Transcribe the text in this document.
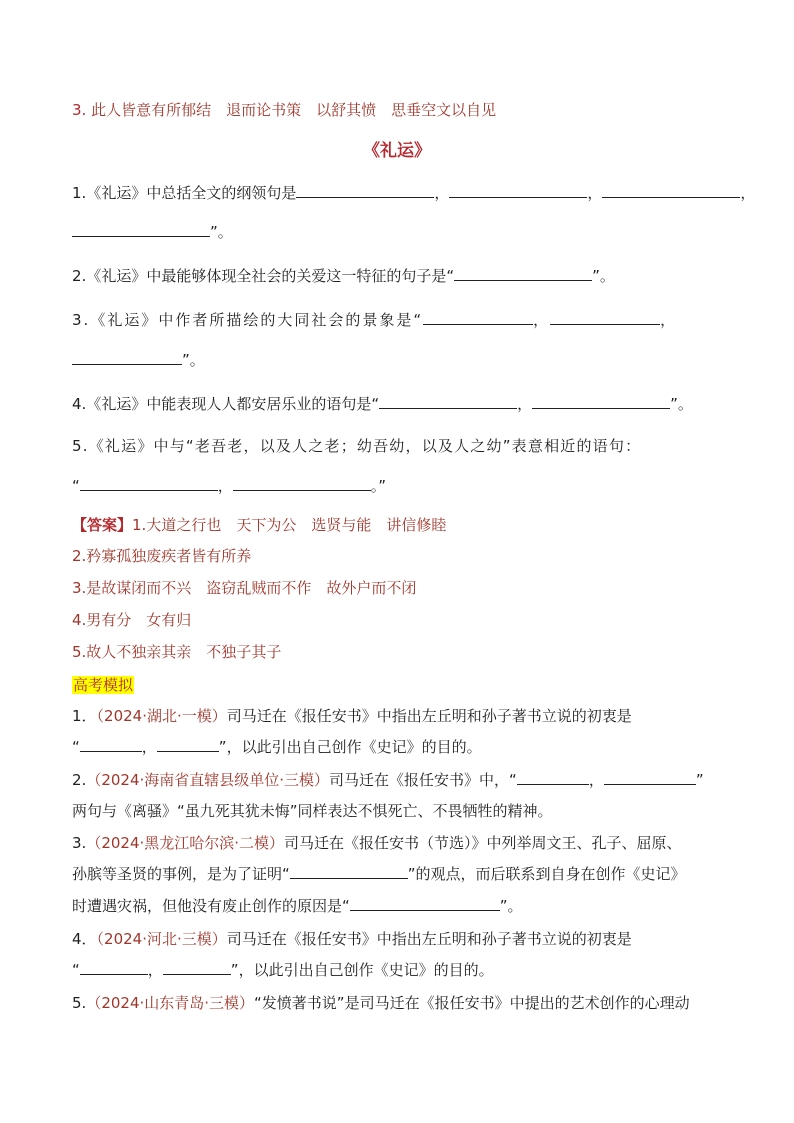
3. 此人皆意有所郁结　退而论书策　以舒其愤　思垂空文以自见
《礼运》
1.《礼运》中总括全文的纲领句是	，	，	，
”。
2.《礼运》中最能够体现全社会的关爱这一特征的句子是“	”。
3.《礼运》中作者所描绘的大同社会的景象是“	，	，
”。
4.《礼运》中能表现人人都安居乐业的语句是“	，	”。
5.《礼运》中与“老吾老，以及人之老；幼吾幼，以及人之幼”表意相近的语句：
“	，	。”
【答案】1.大道之行也　天下为公　选贤与能　讲信修睦
2.矜寡孤独废疾者皆有所养
3.是故谋闭而不兴　盗窃乱贼而不作　故外户而不闭
4.男有分　女有归
5.故人不独亲其亲　不独子其子
高考模拟
1．（2024·湖北·一模）司马迁在《报任安书》中指出左丘明和孙子著书立说的初衷是
“	，	”，以此引出自己创作《史记》的目的。
2.（2024·海南省直辖县级单位·三模）司马迁在《报任安书》中，“	，	”
两句与《离骚》“虽九死其犹未悔”同样表达不惧死亡、不畏牺牲的精神。
3.（2024·黑龙江哈尔滨·二模）司马迁在《报任安书（节选）》中列举周文王、孔子、屈原、
孙膑等圣贤的事例，是为了证明“	”的观点，而后联系到自身在创作《史记》
时遭遇灾祸，但他没有废止创作的原因是“	”。
4．（2024·河北·三模）司马迁在《报任安书》中指出左丘明和孙子著书立说的初衷是
“	，	”，以此引出自己创作《史记》的目的。
5.（2024·山东青岛·三模）“发愤著书说”是司马迁在《报任安书》中提出的艺术创作的心理动
